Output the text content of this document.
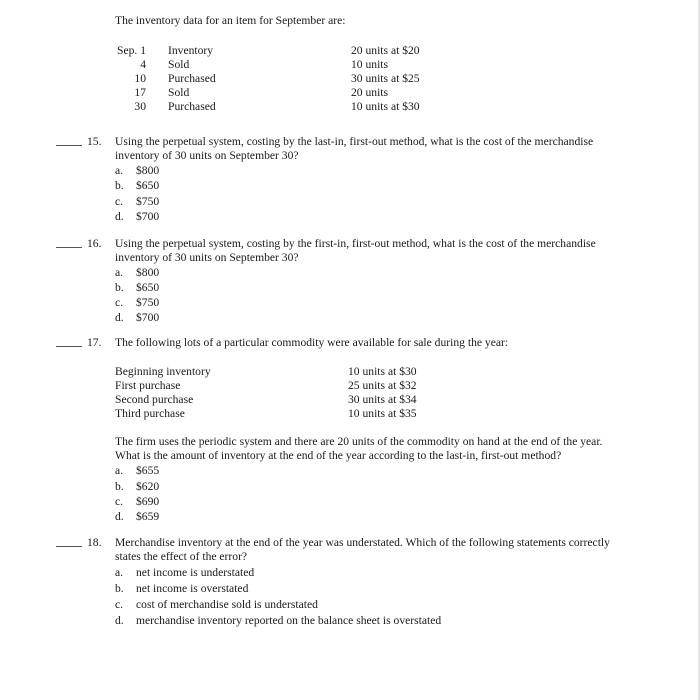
The inventory data for an item for September are:
Sep. 1 Inventory	20 units at $20
4 Sold	10 units
10 Purchased	30 units at $25
17 Sold	20 units
30 Purchased	10 units at $30
15. Using the perpetual system, costing by the last-in, first-out method, what is the cost of the merchandise
inventory of 30 units on September 30?
a. $800
b. $650
c. $750
d. $700
16. Using the perpetual system, costing by the first-in, first-out method, what is the cost of the merchandise
inventory of 30 units on September 30?
a. $800
b. $650
c. $750
d. $700
17. The following lots of a particular commodity were available for sale during the year:
Beginning inventory	10 units at $30
First purchase	25 units at $32
Second purchase	30 units at $34
Third purchase	10 units at $35
The firm uses the periodic system and there are 20 units of the commodity on hand at the end of the year.
What is the amount of inventory at the end of the year according to the last-in, first-out method?
a. $655
b. $620
c. $690
d. $659
18. Merchandise inventory at the end of the year was understated. Which of the following statements correctly
states the effect of the error?
a. net income is understated
b. net income is overstated
c. cost of merchandise sold is understated
d. merchandise inventory reported on the balance sheet is overstated
